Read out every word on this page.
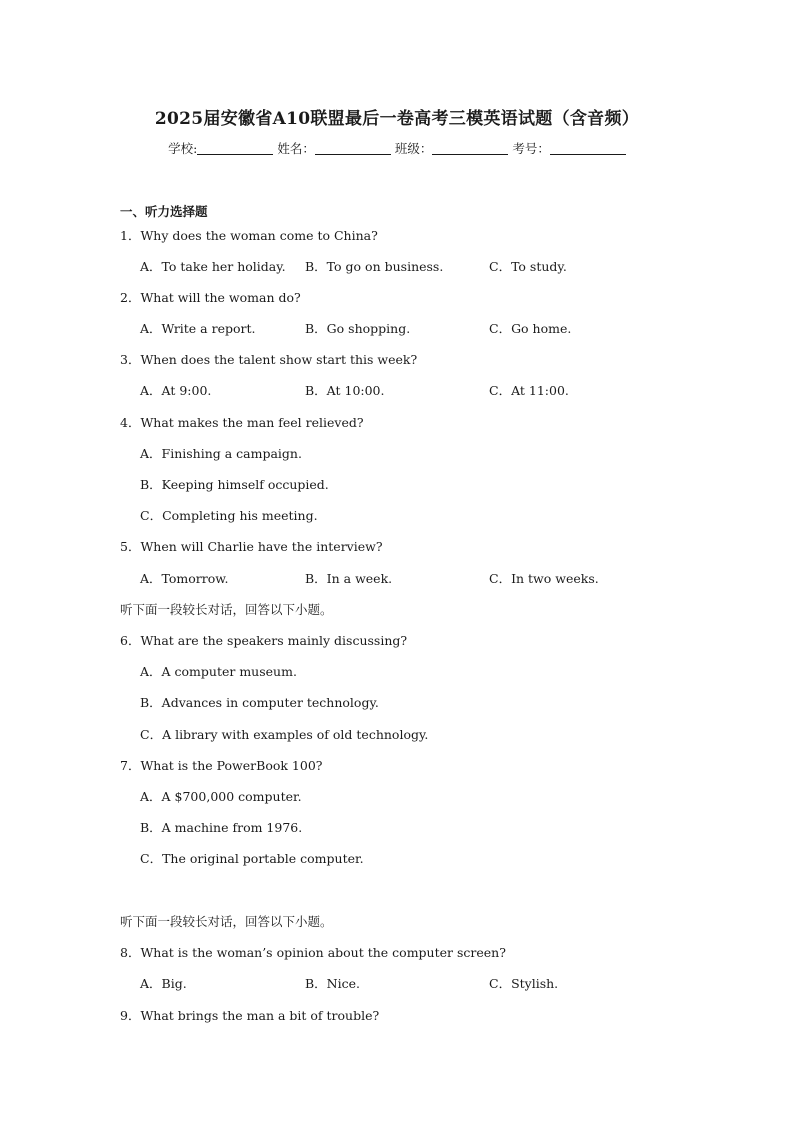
2025届安徽省A10联盟最后一卷高考三模英语试题（含音频）
学校:	姓名：	班级：	考号：
一、听力选择题
1．Why does the woman come to China?
A．To take her holiday. B．To go on business.	C．To study.
2．What will the woman do?
A．Write a report.	B．Go shopping.	C．Go home.
3．When does the talent show start this week?
A．At 9:00.	B．At 10:00.	C．At 11:00.
4．What makes the man feel relieved?
A．Finishing a campaign.
B．Keeping himself occupied.
C．Completing his meeting.
5．When will Charlie have the interview?
A．Tomorrow.	B．In a week.	C．In two weeks.
听下面一段较长对话，回答以下小题。
6．What are the speakers mainly discussing?
A．A computer museum.
B．Advances in computer technology.
C．A library with examples of old technology.
7．What is the PowerBook 100?
A．A $700,000 computer.
B．A machine from 1976.
C．The original portable computer.
听下面一段较长对话，回答以下小题。
8．What is the woman’s opinion about the computer screen?
A．Big.	B．Nice.	C．Stylish.
9．What brings the man a bit of trouble?
